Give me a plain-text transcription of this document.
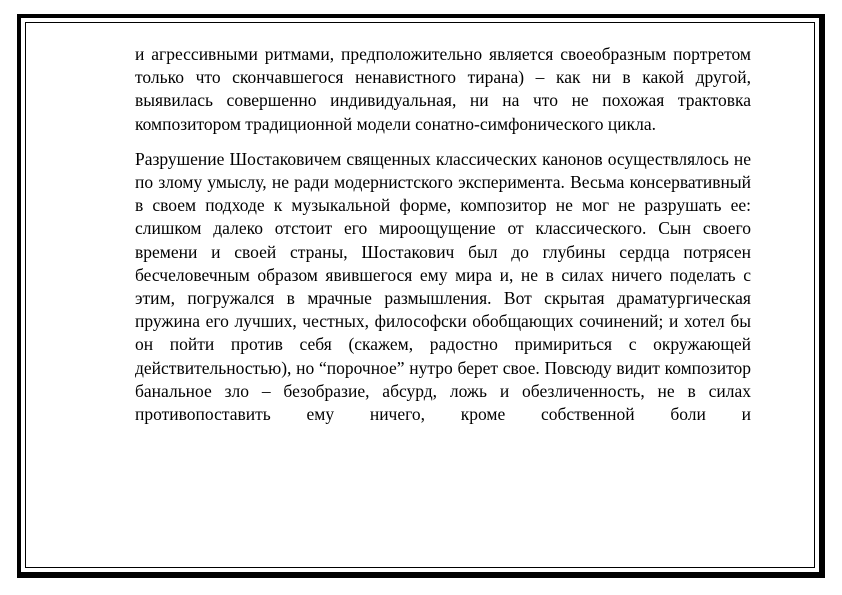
и агрессивными ритмами, предположительно является своеобразным портретом только что скончавшегося ненавистного тирана) – как ни в какой другой, выявилась совершенно индивидуальная, ни на что не похожая трактовка композитором традиционной модели сонатно-симфонического цикла.

Разрушение Шостаковичем священных классических канонов осуществлялось не по злому умыслу, не ради модернистского эксперимента. Весьма консервативный в своем подходе к музыкальной форме, композитор не мог не разрушать ее: слишком далеко отстоит его мироощущение от классического. Сын своего времени и своей страны, Шостакович был до глубины сердца потрясен бесчеловечным образом явившегося ему мира и, не в силах ничего поделать с этим, погружался в мрачные размышления. Вот скрытая драматургическая пружина его лучших, честных, философски обобщающих сочинений; и хотел бы он пойти против себя (скажем, радостно примириться с окружающей действительностью), но “порочное” нутро берет свое. Повсюду видит композитор банальное зло – безобразие, абсурд, ложь и обезличенность, не в силах противопоставить ему ничего, кроме собственной боли и
